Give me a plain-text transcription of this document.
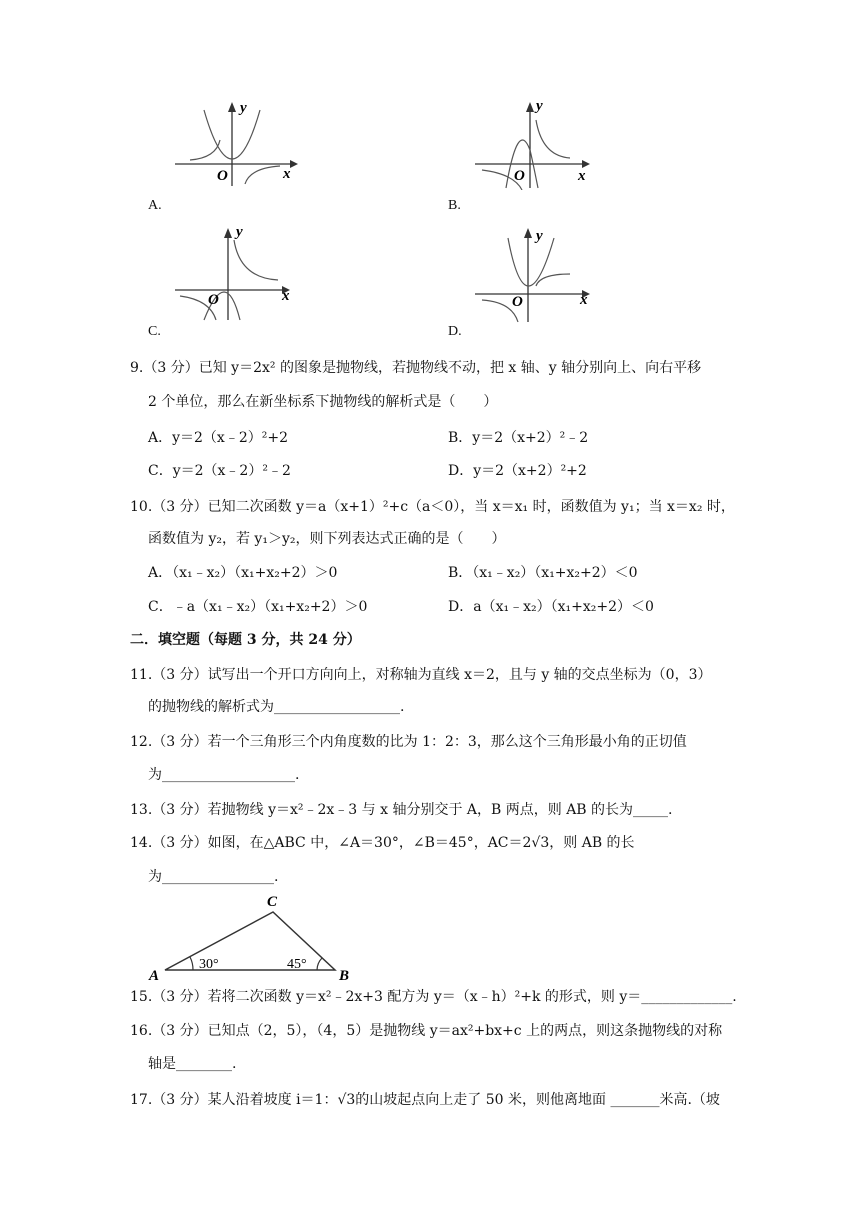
y
x
O
A.
y
x
O
B.
y
x
O
C.
y
x
O
D.
9.（3 分）已知 y＝2x² 的图象是抛物线，若抛物线不动，把 x 轴、y 轴分别向上、向右平移
2 个单位，那么在新坐标系下抛物线的解析式是（　　）
A．y＝2（x﹣2）²+2	B．y＝2（x+2）²﹣2
C．y＝2（x﹣2）²﹣2	D．y＝2（x+2）²+2
10.（3 分）已知二次函数 y＝a（x+1）²+c（a＜0），当 x＝x₁ 时，函数值为 y₁；当 x＝x₂ 时，
函数值为 y₂，若 y₁＞y₂，则下列表达式正确的是（　　）
A．（x₁﹣x₂）（x₁+x₂+2）＞0	B．（x₁﹣x₂）（x₁+x₂+2）＜0
C．﹣a（x₁﹣x₂）（x₁+x₂+2）＞0	D．a（x₁﹣x₂）（x₁+x₂+2）＜0
二．填空题（每题 3 分，共 24 分）
11.（3 分）试写出一个开口方向向上，对称轴为直线 x＝2，且与 y 轴的交点坐标为（0，3）
的抛物线的解析式为__________________.
12.（3 分）若一个三角形三个内角度数的比为 1：2：3，那么这个三角形最小角的正切值
为___________________.
13.（3 分）若抛物线 y＝x²﹣2x﹣3 与 x 轴分别交于 A，B 两点，则 AB 的长为_____.
14.（3 分）如图，在△ABC 中，∠A＝30°，∠B＝45°，AC＝2√3，则 AB 的长
为________________.
A	B
C
30°	45°
15.（3 分）若将二次函数 y＝x²﹣2x+3 配方为 y＝（x﹣h）²+k 的形式，则 y＝_____________.
16.（3 分）已知点（2，5），（4，5）是抛物线 y＝ax²+bx+c 上的两点，则这条抛物线的对称
轴是________.
17.（3 分）某人沿着坡度 i＝1：√3的山坡起点向上走了 50 米，则他离地面 _______米高.（坡
